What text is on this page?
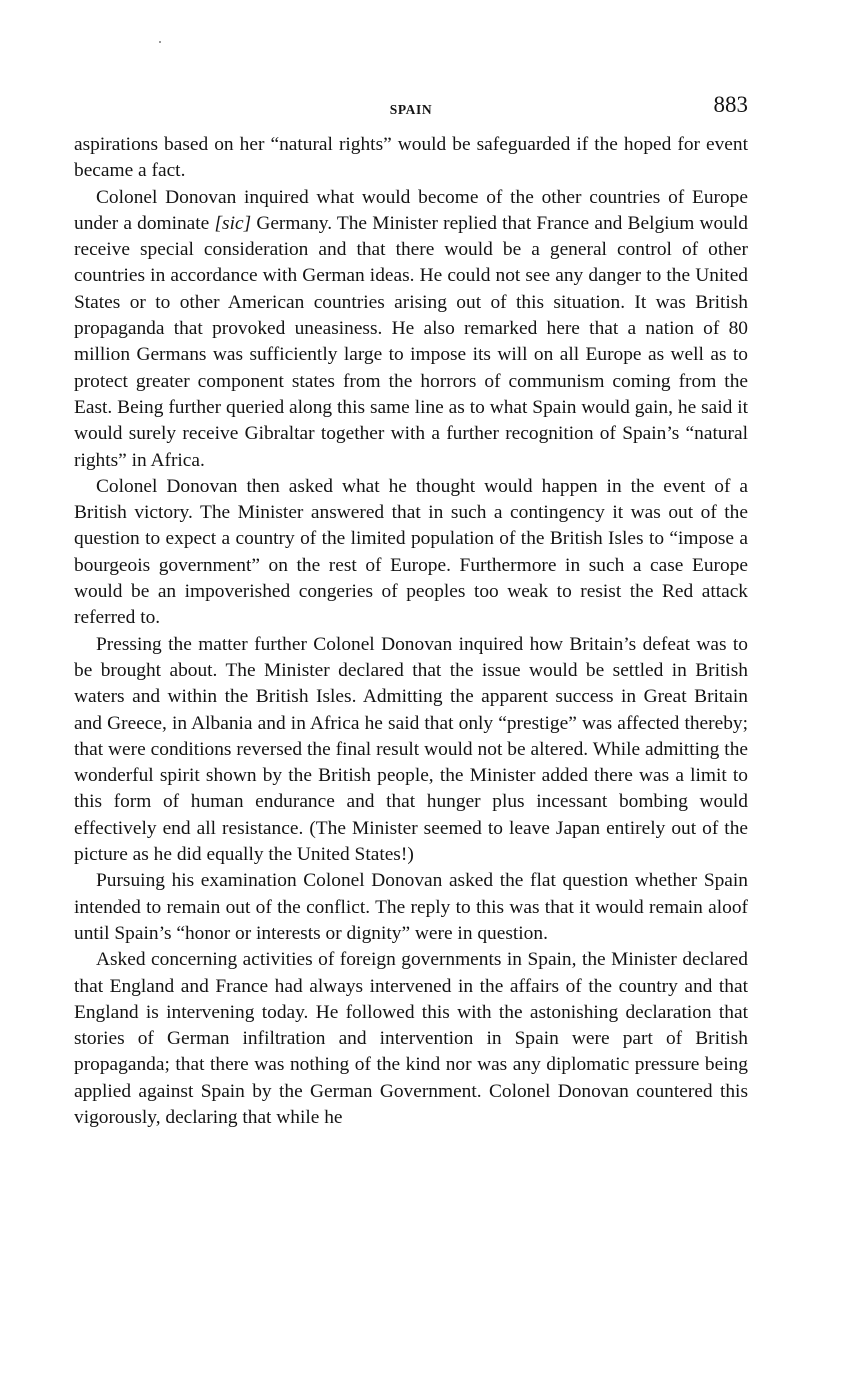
SPAIN	883

aspirations based on her “natural rights” would be safeguarded if the hoped for event became a fact.

Colonel Donovan inquired what would become of the other countries of Europe under a dominate [sic] Germany. The Minister replied that France and Belgium would receive special consideration and that there would be a general control of other countries in accordance with German ideas. He could not see any danger to the United States or to other American countries arising out of this situation. It was British propaganda that provoked uneasiness. He also remarked here that a nation of 80 million Germans was sufficiently large to impose its will on all Europe as well as to protect greater component states from the horrors of communism coming from the East. Being further queried along this same line as to what Spain would gain, he said it would surely receive Gibraltar together with a further recognition of Spain’s “natural rights” in Africa.

Colonel Donovan then asked what he thought would happen in the event of a British victory. The Minister answered that in such a contingency it was out of the question to expect a country of the limited population of the British Isles to “impose a bourgeois government” on the rest of Europe. Furthermore in such a case Europe would be an impoverished congeries of peoples too weak to resist the Red attack referred to.

Pressing the matter further Colonel Donovan inquired how Britain’s defeat was to be brought about. The Minister declared that the issue would be settled in British waters and within the British Isles. Admitting the apparent success in Great Britain and Greece, in Albania and in Africa he said that only “prestige” was affected thereby; that were conditions reversed the final result would not be altered. While admitting the wonderful spirit shown by the British people, the Minister added there was a limit to this form of human endurance and that hunger plus incessant bombing would effectively end all resistance. (The Minister seemed to leave Japan entirely out of the picture as he did equally the United States!)

Pursuing his examination Colonel Donovan asked the flat question whether Spain intended to remain out of the conflict. The reply to this was that it would remain aloof until Spain’s “honor or interests or dignity” were in question.

Asked concerning activities of foreign governments in Spain, the Minister declared that England and France had always intervened in the affairs of the country and that England is intervening today. He followed this with the astonishing declaration that stories of German infiltration and intervention in Spain were part of British propaganda; that there was nothing of the kind nor was any diplomatic pressure being applied against Spain by the German Government. Colonel Donovan countered this vigorously, declaring that while he
